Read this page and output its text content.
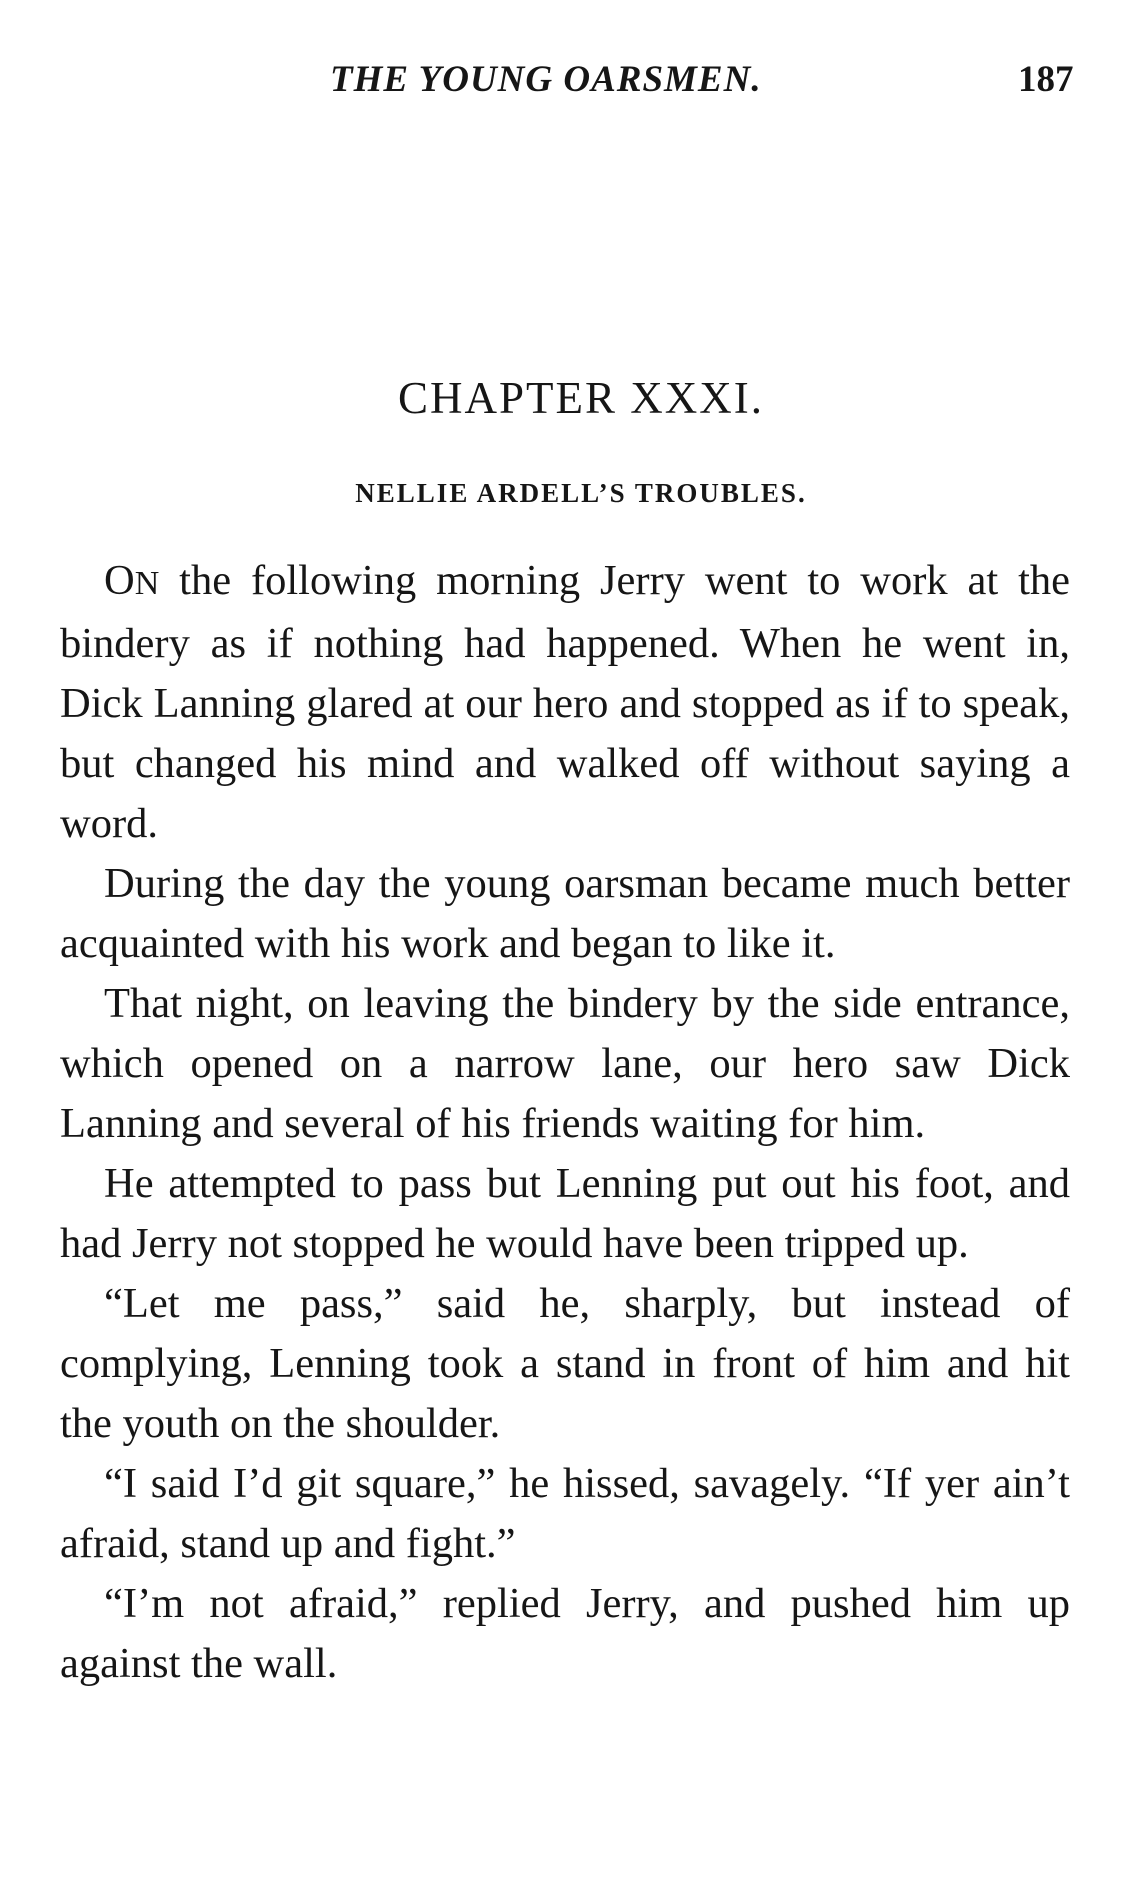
THE YOUNG OARSMEN.	187
CHAPTER XXXI.
NELLIE ARDELL’S TROUBLES.

ON the following morning Jerry went to work at the bindery as if nothing had happened. When he went in, Dick Lanning glared at our hero and stopped as if to speak, but changed his mind and walked off without saying a word.

During the day the young oarsman became much better acquainted with his work and began to like it.

That night, on leaving the bindery by the side entrance, which opened on a narrow lane, our hero saw Dick Lanning and several of his friends waiting for him.

He attempted to pass but Lenning put out his foot, and had Jerry not stopped he would have been tripped up.

“Let me pass,” said he, sharply, but instead of complying, Lenning took a stand in front of him and hit the youth on the shoulder.

“I said I’d git square,” he hissed, savagely. “If yer ain’t afraid, stand up and fight.”

“I’m not afraid,” replied Jerry, and pushed him up against the wall.
